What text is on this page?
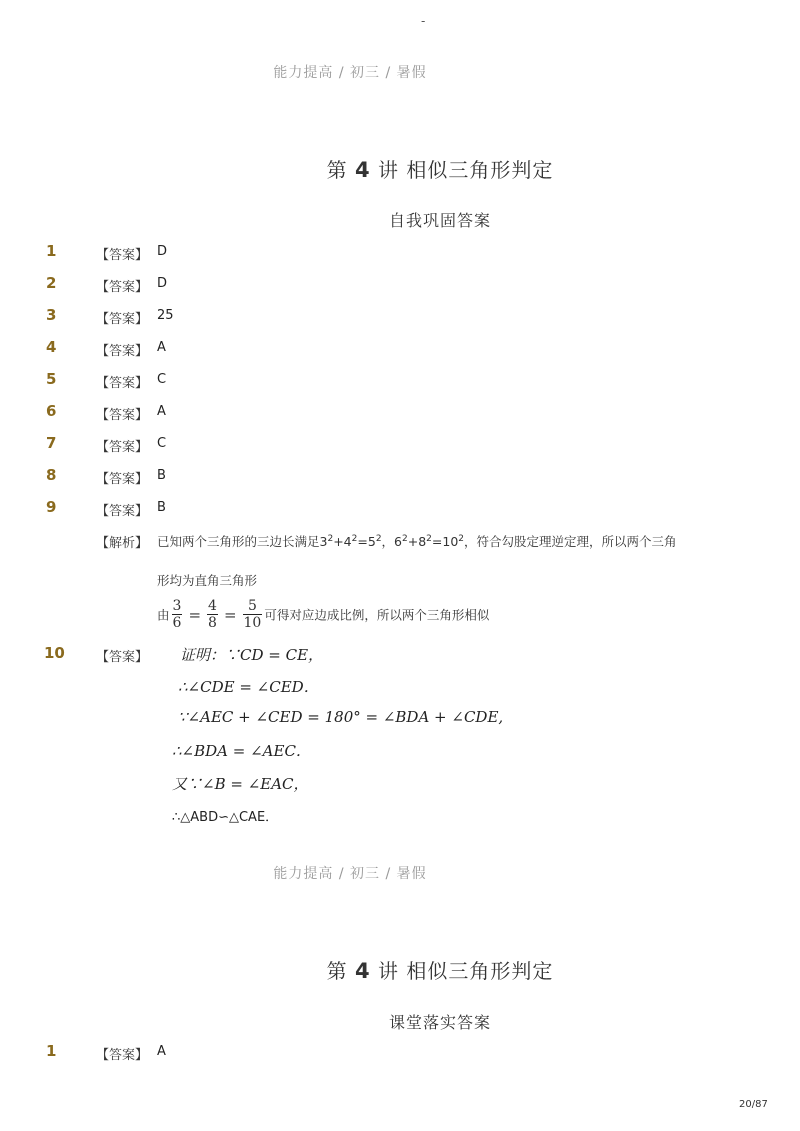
-
能力提高 / 初三 / 暑假
第 4 讲 相似三角形判定
自我巩固答案
1	【答案】 D
2	【答案】 D
3	【答案】 25
4	【答案】 A
5	【答案】 C
6	【答案】 A
7	【答案】 C
8	【答案】 B
9	【答案】 B
【解析】 已知两个三角形的三边长满足$3^2+4^2=5^2$，$6^2+8^2=10^2$，符合勾股定理逆定理，所以两个三角
形均为直角三角形
由 $\frac{3}{6} = \frac{4}{8} = \frac{5}{10}$ 可得对应边成比例，所以两个三角形相似
10 【答案】 证明：∵CD = CE，
∴∠CDE = ∠CED．
∵∠AEC + ∠CED = 180° = ∠BDA + ∠CDE,
∴∠BDA = ∠AEC．
又∵∠B = ∠EAC，
∴△ABD∽△CAE．
能力提高 / 初三 / 暑假
第 4 讲 相似三角形判定
课堂落实答案
1	【答案】 A
20/87
